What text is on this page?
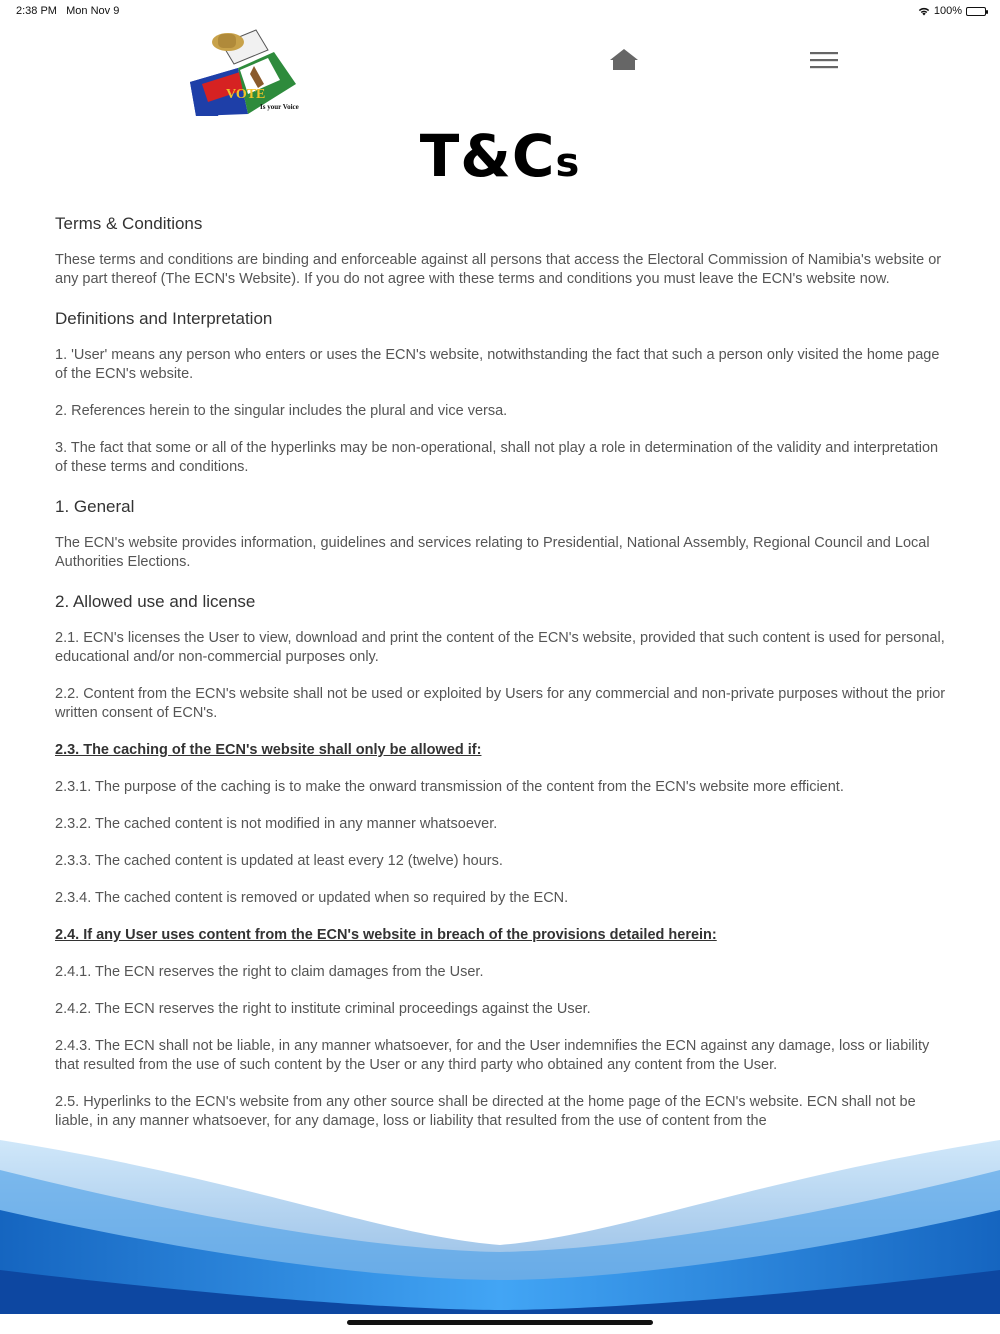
2:38 PM Mon Nov 9	100%
VOTE
Is your Voice
T&Cs
Terms & Conditions

These terms and conditions are binding and enforceable against all persons that access the Electoral Commission of Namibia's website or any part thereof (The ECN's Website). If you do not agree with these terms and conditions you must leave the ECN's website now.

Definitions and Interpretation

1. 'User' means any person who enters or uses the ECN's website, notwithstanding the fact that such a person only visited the home page of the ECN's website.

2. References herein to the singular includes the plural and vice versa.

3. The fact that some or all of the hyperlinks may be non-operational, shall not play a role in determination of the validity and interpretation of these terms and conditions.

1. General

The ECN's website provides information, guidelines and services relating to Presidential, National Assembly, Regional Council and Local Authorities Elections.

2. Allowed use and license

2.1. ECN's licenses the User to view, download and print the content of the ECN's website, provided that such content is used for personal, educational and/or non-commercial purposes only.

2.2. Content from the ECN's website shall not be used or exploited by Users for any commercial and non-private purposes without the prior written consent of ECN's.

2.3. The caching of the ECN's website shall only be allowed if:

2.3.1. The purpose of the caching is to make the onward transmission of the content from the ECN's website more efficient.

2.3.2. The cached content is not modified in any manner whatsoever.

2.3.3. The cached content is updated at least every 12 (twelve) hours.

2.3.4. The cached content is removed or updated when so required by the ECN.

2.4. If any User uses content from the ECN's website in breach of the provisions detailed herein:

2.4.1. The ECN reserves the right to claim damages from the User.

2.4.2. The ECN reserves the right to institute criminal proceedings against the User.

2.4.3. The ECN shall not be liable, in any manner whatsoever, for and the User indemnifies the ECN against any damage, loss or liability that resulted from the use of such content by the User or any third party who obtained any content from the User.

2.5. Hyperlinks to the ECN's website from any other source shall be directed at the home page of the ECN's website. ECN shall not be liable, in any manner whatsoever, for any damage, loss or liability that resulted from the use of content from the
